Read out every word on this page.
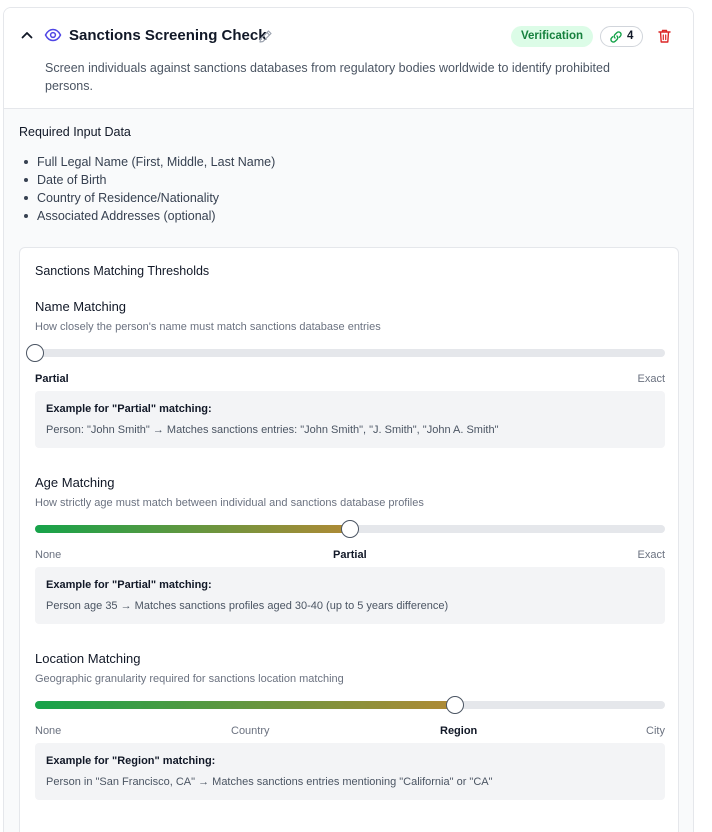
Sanctions Screening Check	Verification	4
Screen individuals against sanctions databases from regulatory bodies worldwide to identify prohibited persons.
Required Input Data
Full Legal Name (First, Middle, Last Name)
Date of Birth
Country of Residence/Nationality
Associated Addresses (optional)
Sanctions Matching Thresholds
Name Matching
How closely the person's name must match sanctions database entries
Partial	Exact
Example for "Partial" matching:
Person: "John Smith" → Matches sanctions entries: "John Smith", "J. Smith", "John A. Smith"
Age Matching
How strictly age must match between individual and sanctions database profiles
None	Partial	Exact
Example for "Partial" matching:
Person age 35 → Matches sanctions profiles aged 30-40 (up to 5 years difference)
Location Matching
Geographic granularity required for sanctions location matching
None	Country	Region	City
Example for "Region" matching:
Person in "San Francisco, CA" → Matches sanctions entries mentioning "California" or "CA"
